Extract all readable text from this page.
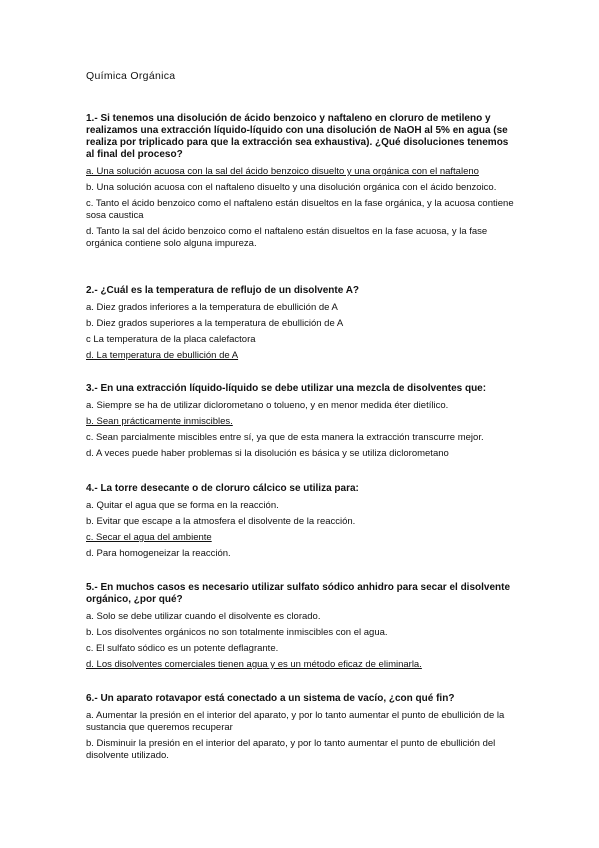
Química Orgánica

1.- Si tenemos una disolución de ácido benzoico y naftaleno en cloruro de metileno y realizamos una extracción líquido-líquido con una disolución de NaOH al 5% en agua (se realiza por triplicado para que la extracción sea exhaustiva). ¿Qué disoluciones tenemos al final del proceso?

a. Una solución acuosa con la sal del ácido benzoico disuelto y una orgánica con el naftaleno

b. Una solución acuosa con el naftaleno disuelto y una disolución orgánica con el ácido benzoico.

c. Tanto el ácido benzoico como el naftaleno están disueltos en la fase orgánica, y la acuosa contiene sosa caustica

d. Tanto la sal del ácido benzoico como el naftaleno están disueltos en la fase acuosa, y la fase orgánica contiene solo alguna impureza.

2.- ¿Cuál es la temperatura de reflujo de un disolvente A?

a. Diez grados inferiores a la temperatura de ebullición de A

b. Diez grados superiores a la temperatura de ebullición de A

c La temperatura de la placa calefactora

d. La temperatura de ebullición de A

3.- En una extracción líquido-líquido se debe utilizar una mezcla de disolventes que:

a. Siempre se ha de utilizar diclorometano o tolueno, y en menor medida éter dietílico.

b. Sean prácticamente inmiscibles.

c. Sean parcialmente miscibles entre sí, ya que de esta manera la extracción transcurre mejor.

d. A veces puede haber problemas si la disolución es básica y se utiliza diclorometano

4.- La torre desecante o de cloruro cálcico se utiliza para:

a. Quitar el agua que se forma en la reacción.

b. Evitar que escape a la atmosfera el disolvente de la reacción.

c. Secar el agua del ambiente

d. Para homogeneizar la reacción.

5.- En muchos casos es necesario utilizar sulfato sódico anhidro para secar el disolvente orgánico, ¿por qué?

a. Solo se debe utilizar cuando el disolvente es clorado.

b. Los disolventes orgánicos no son totalmente inmiscibles con el agua.

c. El sulfato sódico es un potente deflagrante.

d. Los disolventes comerciales tienen agua y es un método eficaz de eliminarla.

6.- Un aparato rotavapor está conectado a un sistema de vacío, ¿con qué fin?

a. Aumentar la presión en el interior del aparato, y por lo tanto aumentar el punto de ebullición de la sustancia que queremos recuperar

b. Disminuir la presión en el interior del aparato, y por lo tanto aumentar el punto de ebullición del disolvente utilizado.
